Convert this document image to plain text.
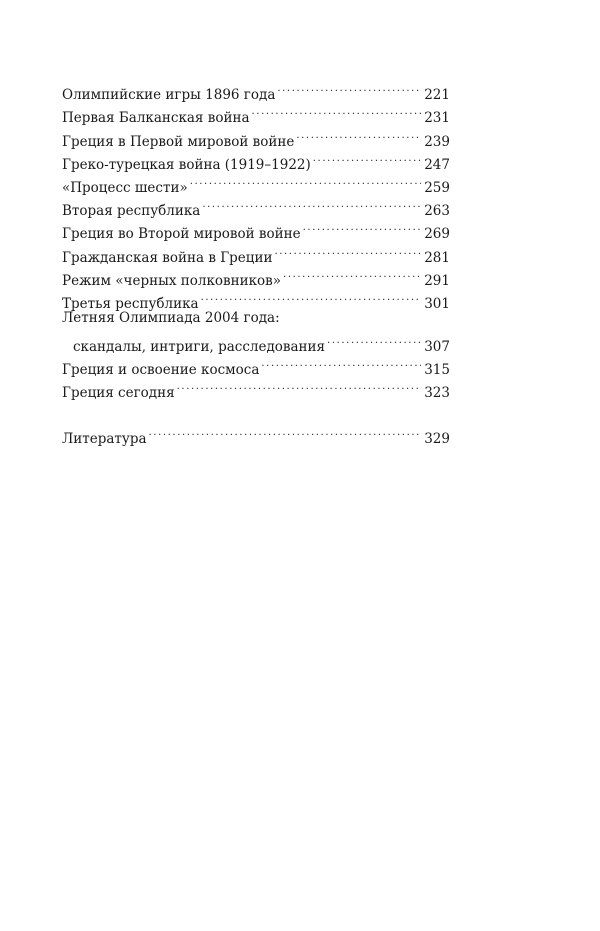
Олимпийские игры 1896 года .....	221
Первая Балканская война .....	231
Греция в Первой мировой войне .....	239
Греко-турецкая война (1919–1922) .....	247
«Процесс шести» .....	259
Вторая республика .....	263
Греция во Второй мировой войне .....	269
Гражданская война в Греции .....	281
Режим «черных полковников» .....	291
Третья республика .....	301
Летняя Олимпиада 2004 года:
скандалы, интриги, расследования .....	307
Греция и освоение космоса .....	315
Греция сегодня .....	323
Литература .....	329
